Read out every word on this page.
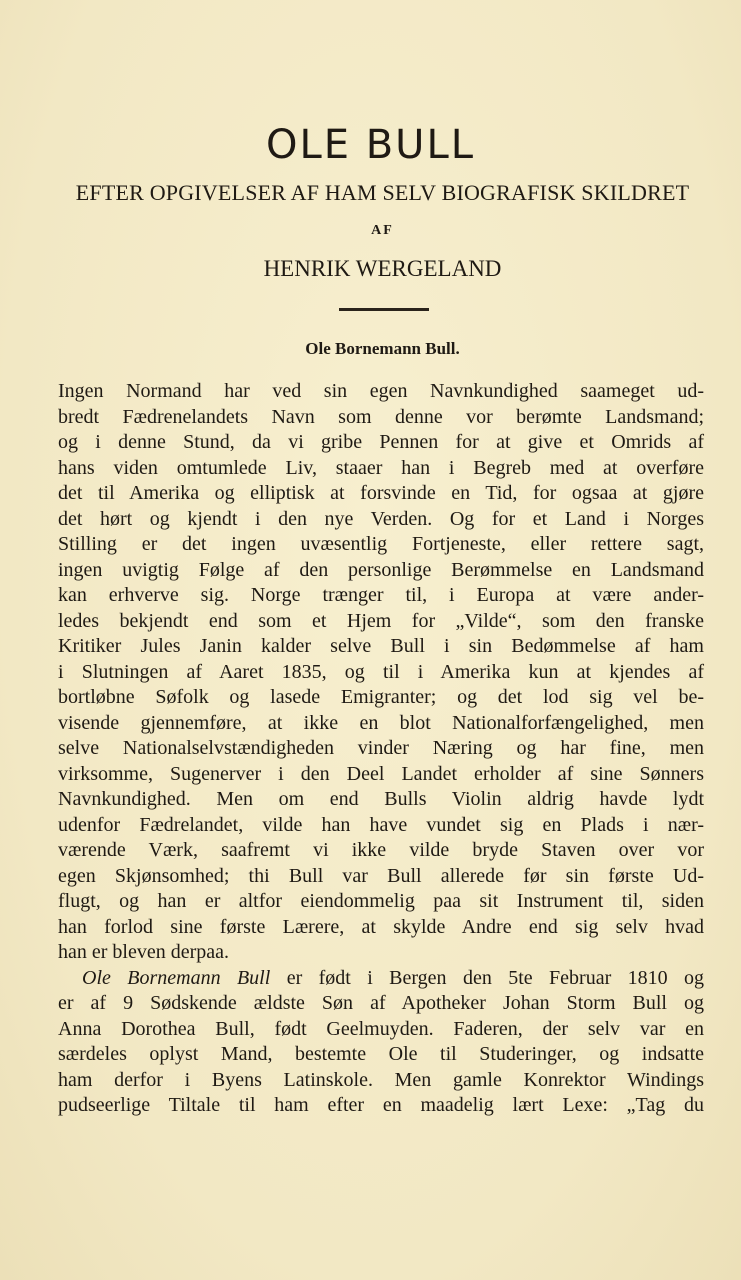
OLE BULL
EFTER OPGIVELSER AF HAM SELV BIOGRAFISK SKILDRET
AF
HENRIK WERGELAND
Ole Bornemann Bull.
Ingen Normand har ved sin egen Navnkundighed saameget ud-
bredt Fædrenelandets Navn som denne vor berømte Landsmand;
og i denne Stund, da vi gribe Pennen for at give et Omrids af
hans viden omtumlede Liv, staaer han i Begreb med at overføre
det til Amerika og elliptisk at forsvinde en Tid, for ogsaa at gjøre
det hørt og kjendt i den nye Verden. Og for et Land i Norges
Stilling er det ingen uvæsentlig Fortjeneste, eller rettere sagt,
ingen uvigtig Følge af den personlige Berømmelse en Landsmand
kan erhverve sig. Norge trænger til, i Europa at være ander-
ledes bekjendt end som et Hjem for „Vilde“, som den franske
Kritiker Jules Janin kalder selve Bull i sin Bedømmelse af ham
i Slutningen af Aaret 1835, og til i Amerika kun at kjendes af
bortløbne Søfolk og lasede Emigranter; og det lod sig vel be-
visende gjennemføre, at ikke en blot Nationalforfængelighed, men
selve Nationalselvstændigheden vinder Næring og har fine, men
virksomme, Sugenerver i den Deel Landet erholder af sine Sønners
Navnkundighed. Men om end Bulls Violin aldrig havde lydt
udenfor Fædrelandet, vilde han have vundet sig en Plads i nær-
værende Værk, saafremt vi ikke vilde bryde Staven over vor
egen Skjønsomhed; thi Bull var Bull allerede før sin første Ud-
flugt, og han er altfor eiendommelig paa sit Instrument til, siden
han forlod sine første Lærere, at skylde Andre end sig selv hvad
han er bleven derpaa.
Ole Bornemann Bull er født i Bergen den 5te Februar 1810 og
er af 9 Sødskende ældste Søn af Apotheker Johan Storm Bull og
Anna Dorothea Bull, født Geelmuyden. Faderen, der selv var en
særdeles oplyst Mand, bestemte Ole til Studeringer, og indsatte
ham derfor i Byens Latinskole. Men gamle Konrektor Windings
pudseerlige Tiltale til ham efter en maadelig lært Lexe: „Tag du
